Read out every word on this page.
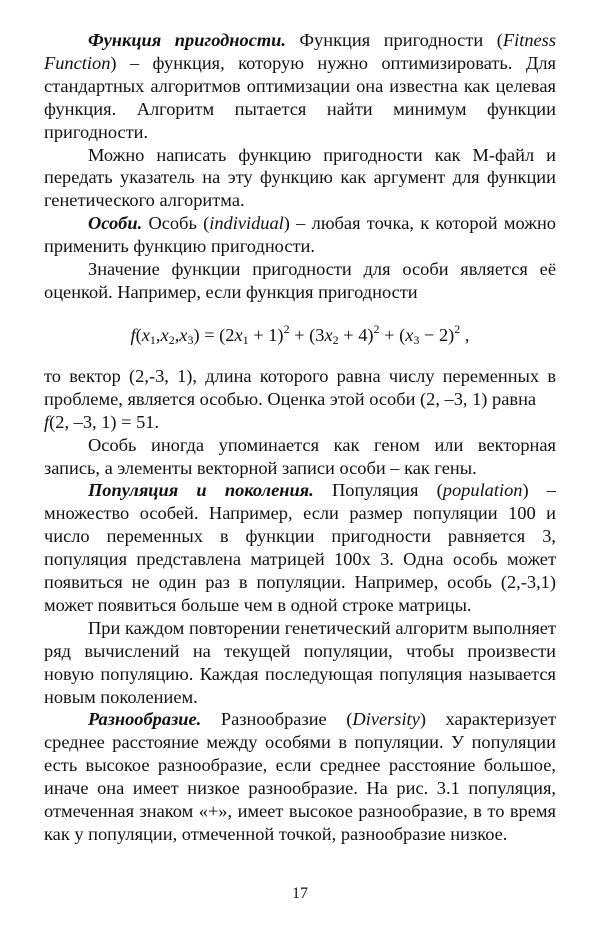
Функция пригодности. Функция пригодности (Fitness Function) – функция, которую нужно оптимизировать. Для стандартных алгоритмов оптимизации она известна как целевая функция. Алгоритм пытается найти минимум функции пригодности.

Можно написать функцию пригодности как М-файл и передать указатель на эту функцию как аргумент для функции генетического алгоритма.

Особи. Особь (individual) – любая точка, к которой можно применить функцию пригодности.

Значение функции пригодности для особи является её оценкой. Например, если функция пригодности

$f(x_1,x_2,x_3) = (2x_1 + 1)^2 + (3x_2 + 4)^2 + (x_3 - 2)^2$ ,

то вектор (2,-3, 1), длина которого равна числу переменных в проблеме, является особью. Оценка этой особи (2, –3, 1) равна

f(2, –3, 1) = 51.

Особь иногда упоминается как геном или векторная запись, а элементы векторной записи особи – как гены.

Популяция и поколения. Популяция (population) – множество особей. Например, если размер популяции 100 и число переменных в функции пригодности равняется 3, популяция представлена матрицей 100x 3. Одна особь может появиться не один раз в популяции. Например, особь (2,-3,1) может появиться больше чем в одной строке матрицы.

При каждом повторении генетический алгоритм выполняет ряд вычислений на текущей популяции, чтобы произвести новую популяцию. Каждая последующая популяция называется новым поколением.

Разнообразие. Разнообразие (Diversity) характеризует среднее расстояние между особями в популяции. У популяции есть высокое разнообразие, если среднее расстояние большое, иначе она имеет низкое разнообразие. На рис. 3.1 популяция, отмеченная знаком «+», имеет высокое разнообразие, в то время как у популяции, отмеченной точкой, разнообразие низкое.

17
